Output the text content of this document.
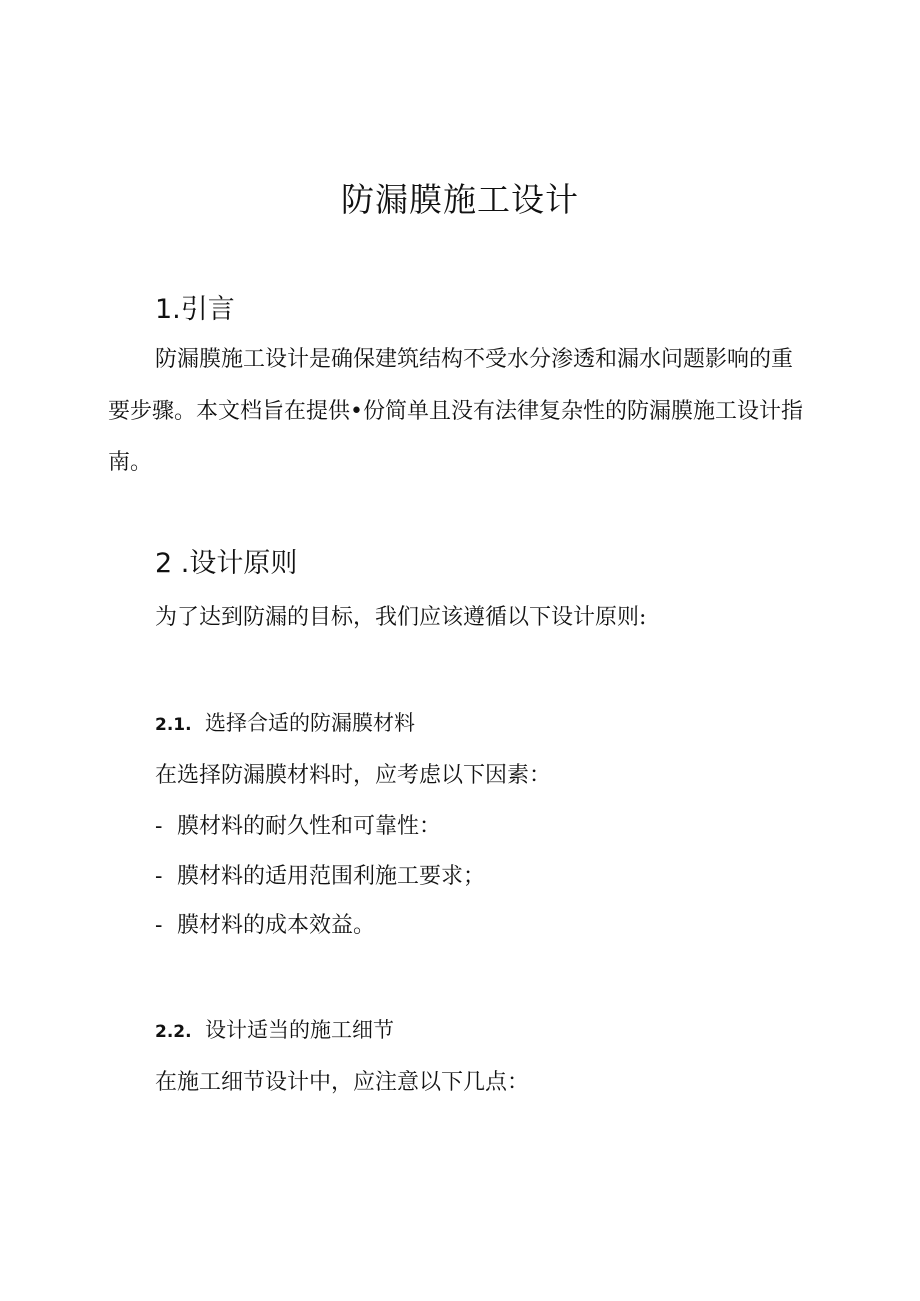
防漏膜施工设计
1.引言

防漏膜施工设计是确保建筑结构不受水分渗透和漏水问题影响的重要步骤。本文档旨在提供•份简单且没有法律复杂性的防漏膜施工设计指南。

2 .设计原则
为了达到防漏的目标，我们应该遵循以下设计原则:
2.1. 选择合适的防漏膜材料
在选择防漏膜材料时，应考虑以下因素：
- 膜材料的耐久性和可靠性：
- 膜材料的适用范围利施工要求；
- 膜材料的成本效益。
2.2. 设计适当的施工细节
在施工细节设计中，应注意以下几点：
